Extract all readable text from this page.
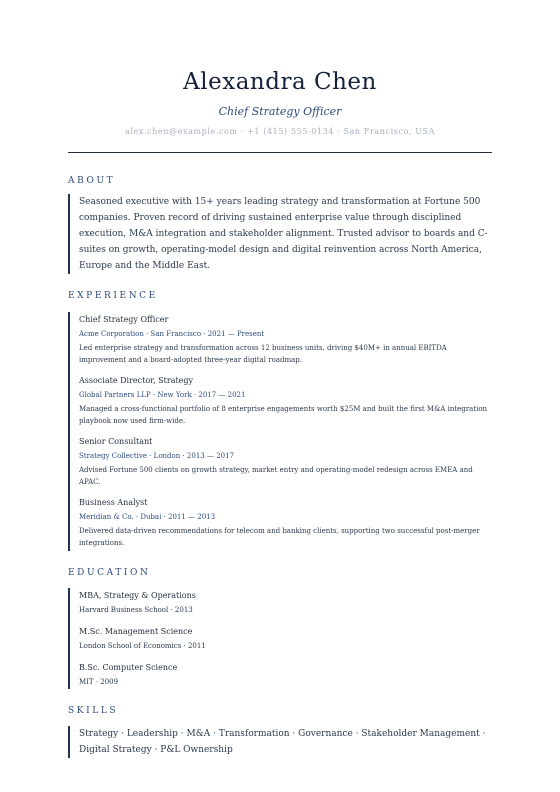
Alexandra Chen
Chief Strategy Officer
alex.chen@example.com · +1 (415) 555-0134 · San Francisco, USA
ABOUT

Seasoned executive with 15+ years leading strategy and transformation at Fortune 500 companies. Proven record of driving sustained enterprise value through disciplined execution, M&A integration and stakeholder alignment. Trusted advisor to boards and C-suites on growth, operating-model design and digital reinvention across North America, Europe and the Middle East.

EXPERIENCE
Chief Strategy Officer
Acme Corporation · San Francisco · 2021 — Present
Led enterprise strategy and transformation across 12 business units, driving $40M+ in annual EBITDA improvement and a board-adopted three-year digital roadmap.
Associate Director, Strategy
Global Partners LLP · New York · 2017 — 2021
Managed a cross-functional portfolio of 8 enterprise engagements worth $25M and built the first M&A integration playbook now used firm-wide.
Senior Consultant
Strategy Collective · London · 2013 — 2017
Advised Fortune 500 clients on growth strategy, market entry and operating-model redesign across EMEA and APAC.
Business Analyst
Meridian & Co. · Dubai · 2011 — 2013
Delivered data-driven recommendations for telecom and banking clients, supporting two successful post-merger integrations.
EDUCATION
MBA, Strategy & Operations
Harvard Business School · 2013
M.Sc. Management Science
London School of Economics · 2011
B.Sc. Computer Science
MIT · 2009
SKILLS

Strategy · Leadership · M&A · Transformation · Governance · Stakeholder Management · Digital Strategy · P&L Ownership
